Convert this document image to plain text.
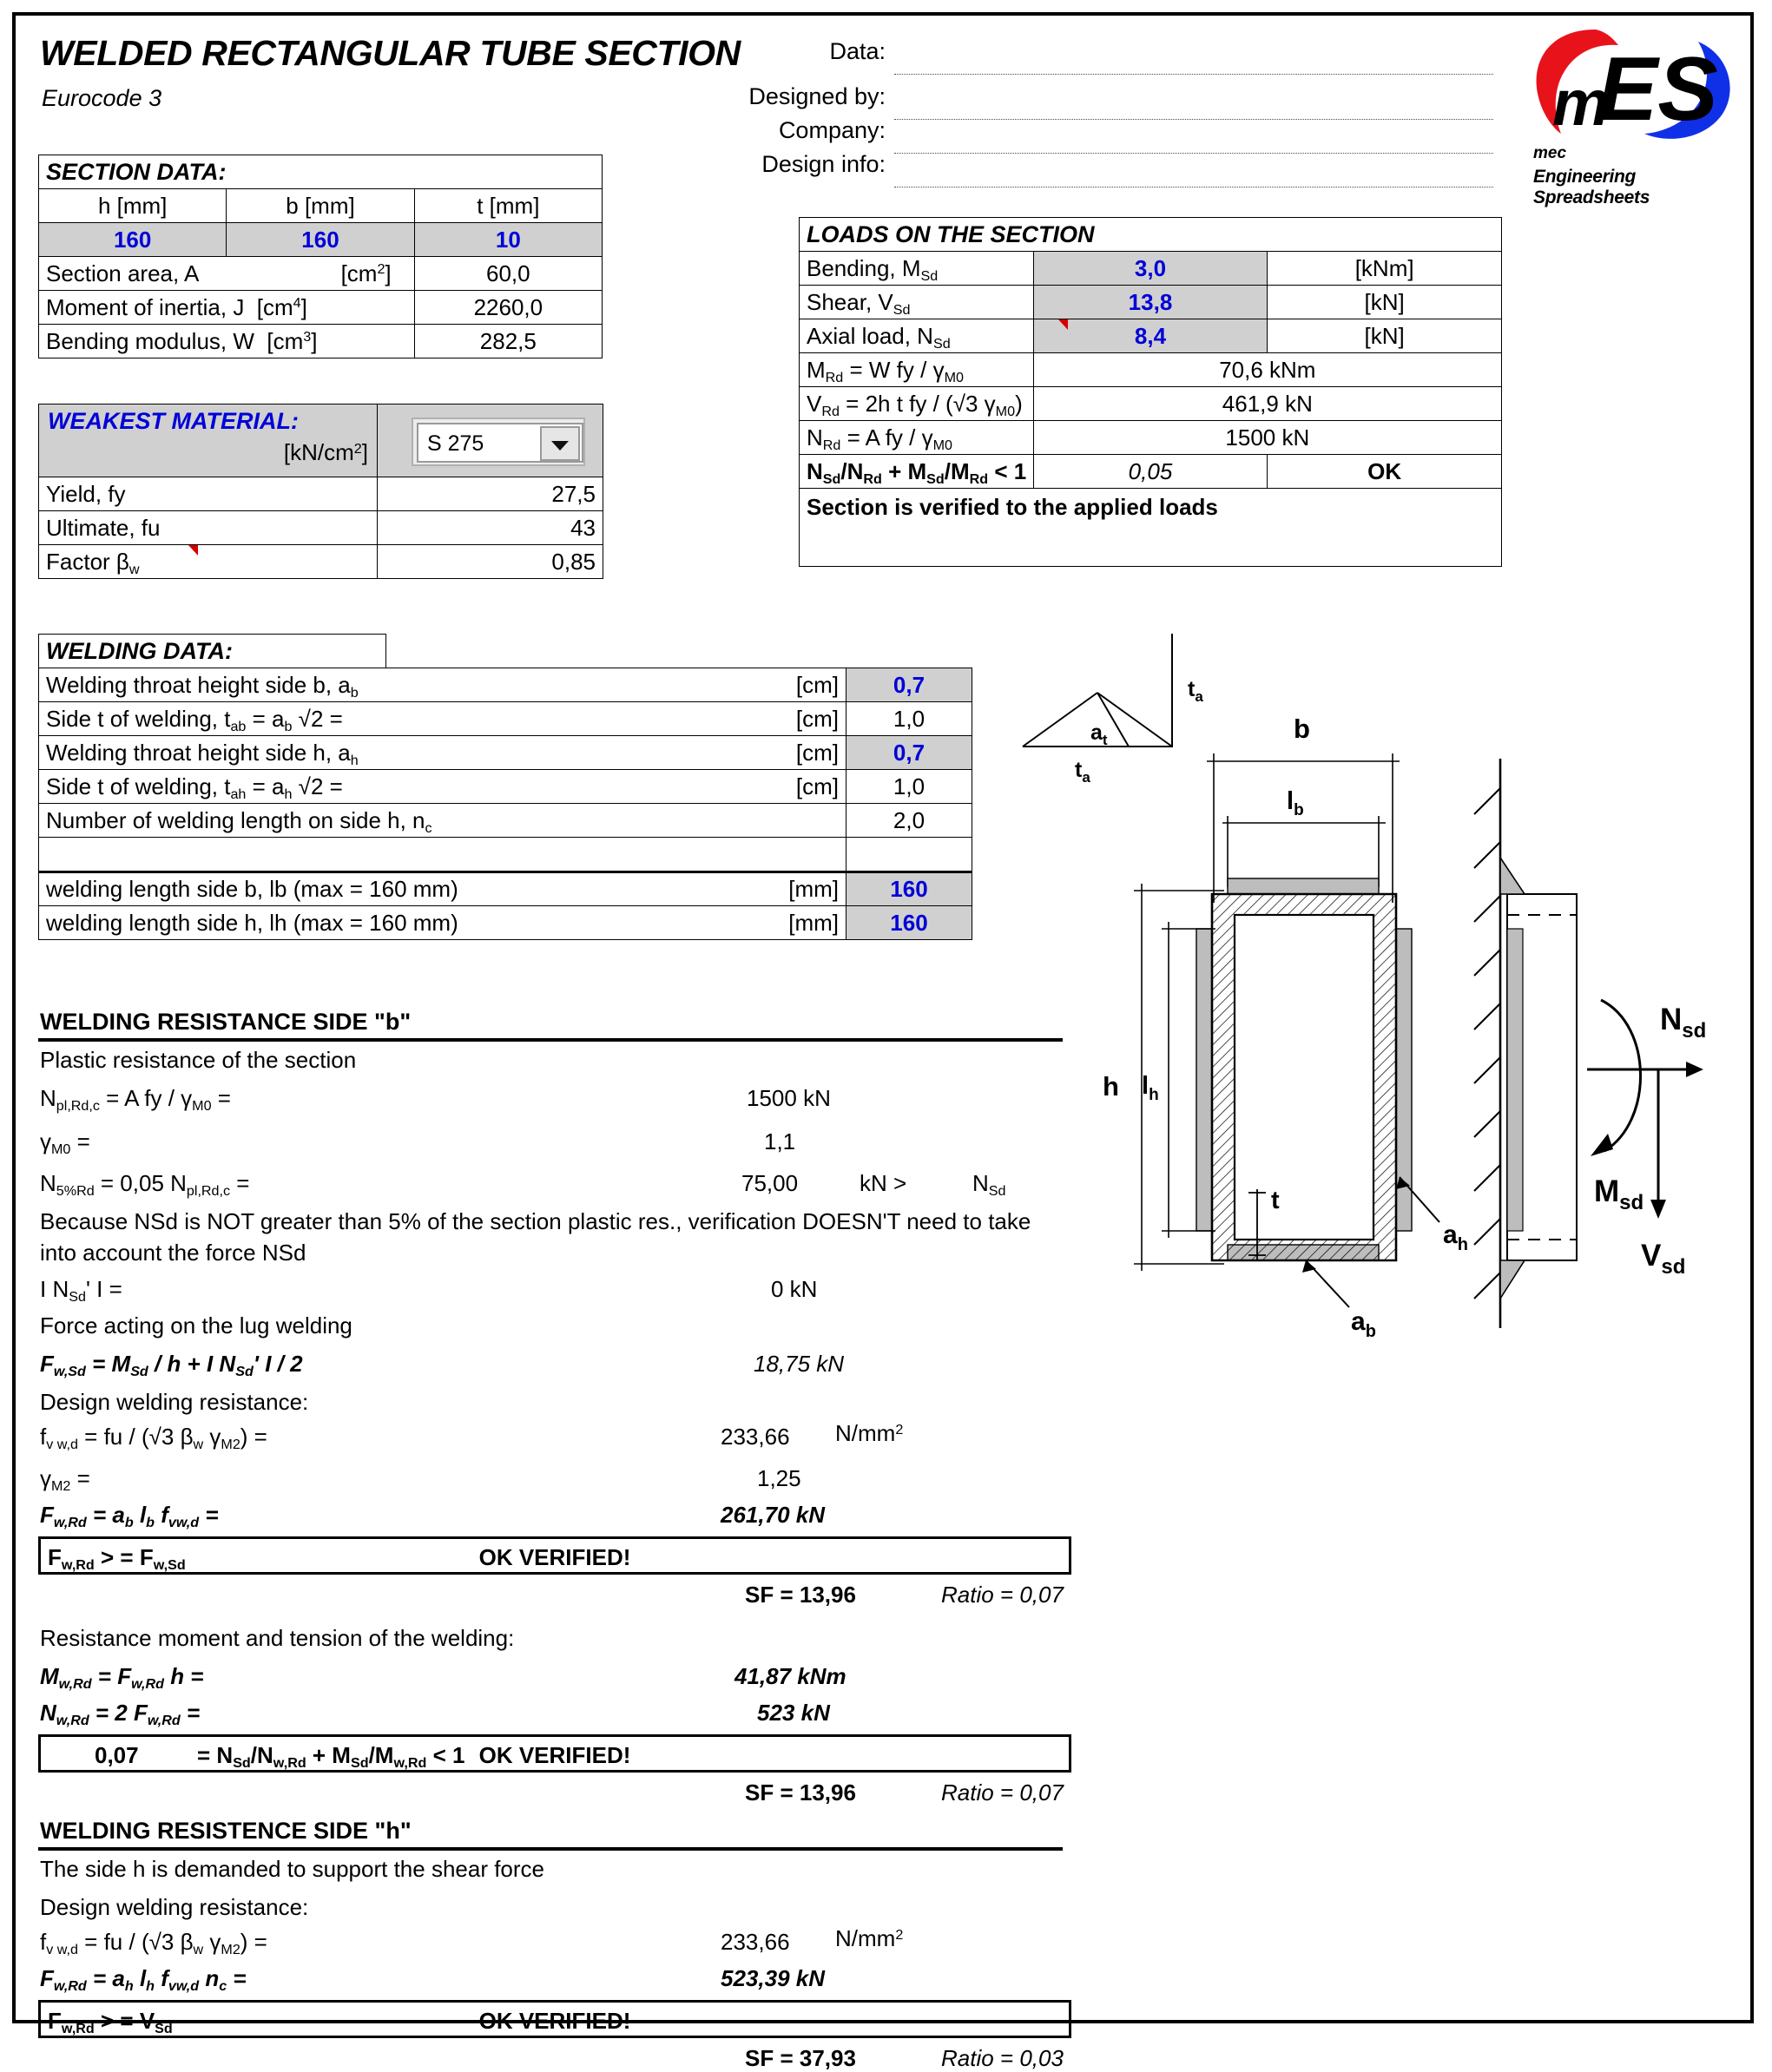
WELDED RECTANGULAR TUBE SECTION
Eurocode 3
Data:
Designed by:
Company:
Design info:
m
ES
mec
Engineering Spreadsheets
SECTION DATA:		
h [mm]	b [mm]	t [mm]
160	160	10
Section area, A $[cm^2]$		60,0
Moment of inertia, J $[cm^4]$		2260,0
Bending modulus, W $[cm^3]$		282,5
WEAKEST MATERIAL:
$[kN/cm^2]$	

Yield, fy	27,5
Ultimate, fu	43
Factor $\beta_w$	0,85
S 275
LOADS ON THE SECTION		
Bending, $M_{Sd}$	3,0	[kNm]
Shear, $V_{Sd}$	13,8	[kN]
Axial load, $N_{Sd}$	8,4	[kN]
$M_{Rd} = W$ fy / $\gamma_{M0}$	70,6 kNm	
$V_{Rd} = 2h$ t fy / (√3 $\gamma_{M0}$)	461,9 kN	
$N_{Rd} = A$ fy / $\gamma_{M0}$	1500 kN	
$N_{Sd}/N_{Rd} + M_{Sd}/M_{Rd} < 1$	0,05	OK
Section is verified to the applied loads		

WELDING DATA:		
Welding throat height side b, $a_b$ [cm]		0,7
Side t of welding, $t_{ab} = a_b$ √2 = [cm]		1,0
Welding throat height side h, $a_h$ [cm]		0,7
Side t of welding, $t_{ah} = a_h$ √2 = [cm]		1,0
Number of welding length on side h, $n_c$		2,0

welding length side b, lb (max = 160 mm) [mm]		160
welding length side h, lh (max = 160 mm) [mm]		160
WELDING RESISTANCE SIDE "b"
Plastic resistance of the section
$N_{pl,Rd,c} = A$ fy / $\gamma_{M0}$ =	1500 kN
$\gamma_{M0}$ =	1,1
$N_{5\%Rd} = 0,05$ $N_{pl,Rd,c}$ =	75,00	kN >	$N_{Sd}$
Because NSd is NOT greater than 5% of the section plastic res., verification DOESN'T need to take
into account the force NSd
I $N_{Sd}'$ I =	0 kN
Force acting on the lug welding
$F_{w,Sd} = M_{Sd} / h + I$ $N_{Sd}'$ I / 2	18,75 kN
Design welding resistance:
$f_{v w,d}$ = fu / (√3 $\beta_w$ $\gamma_{M2}$) =	233,66 $N/mm^2$
$\gamma_{M2}$ =	1,25
$F_{w,Rd} = a_b$ $l_b$ $f_{vw,d}$ =	261,70 kN
$F_{w,Rd}$ > = $F_{w,Sd}$	OK VERIFIED!
SF = 13,96	Ratio = 0,07
Resistance moment and tension of the welding:
$M_{w,Rd} = F_{w,Rd}$ h =	41,87 kNm
$N_{w,Rd} = 2$ $F_{w,Rd}$ =	523 kN
0,07	= $N_{Sd}/N_{w,Rd} + M_{Sd}/M_{w,Rd} < 1$ OK VERIFIED!
SF = 13,96	Ratio = 0,07
WELDING RESISTENCE SIDE "h"
The side h is demanded to support the shear force
Design welding resistance:
$f_{v w,d}$ = fu / (√3 $\beta_w$ $\gamma_{M2}$) =	233,66 $N/mm^2$
$F_{w,Rd} = a_h$ $l_h$ $f_{vw,d}$ $n_c$ =	523,39 kN
$F_{w,Rd}$ > = $V_{Sd}$	OK VERIFIED!
SF = 37,93	Ratio = 0,03
$t_a$
$a_t$
$t_a$
b
$l_b$
h $l_h$
t
$a_h$
$a_b$
$N_{sd}$
$M_{sd}$
$V_{sd}$
